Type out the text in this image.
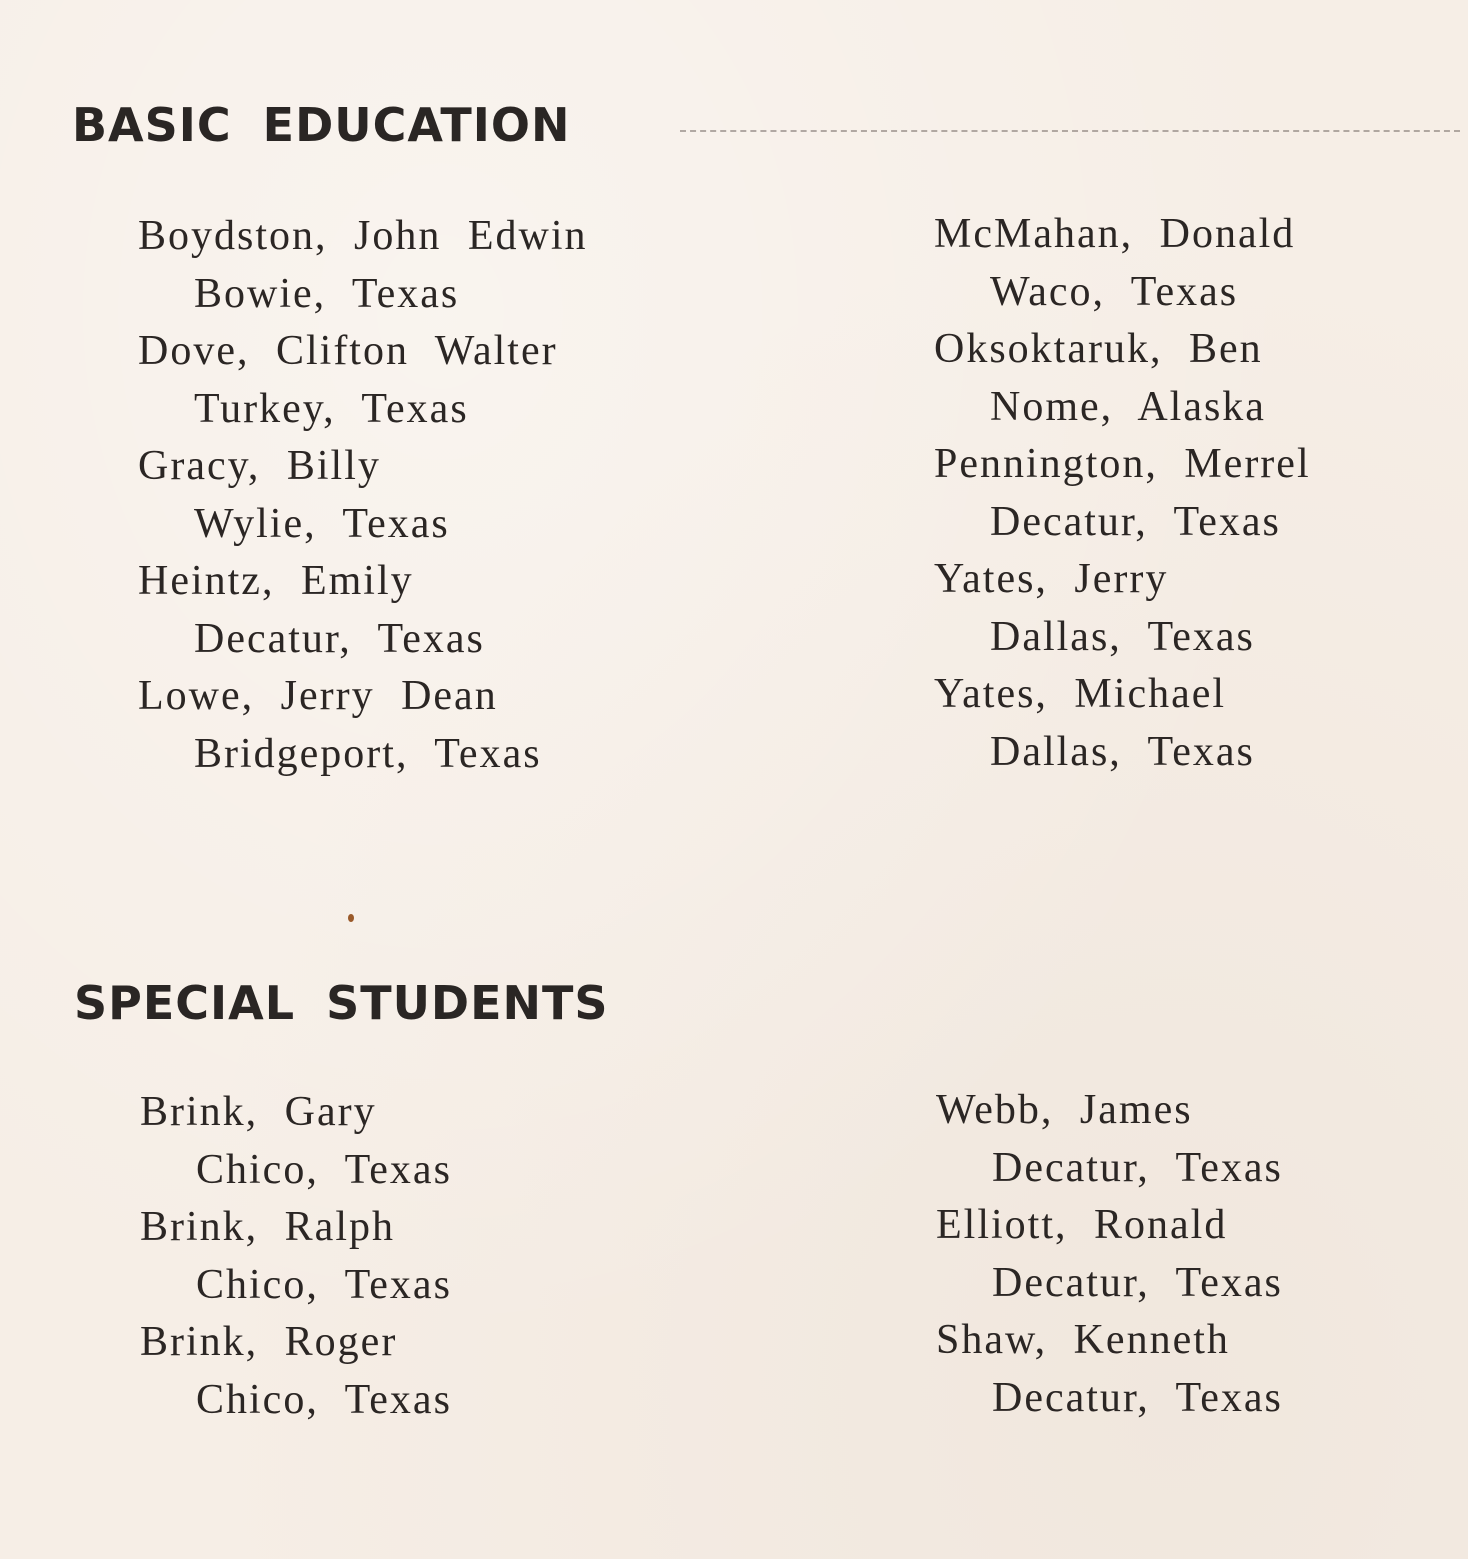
BASIC EDUCATION
Boydston, John Edwin
Bowie, Texas
Dove, Clifton Walter
Turkey, Texas
Gracy, Billy
Wylie, Texas
Heintz, Emily
Decatur, Texas
Lowe, Jerry Dean
Bridgeport, Texas
McMahan, Donald
Waco, Texas
Oksoktaruk, Ben
Nome, Alaska
Pennington, Merrel
Decatur, Texas
Yates, Jerry
Dallas, Texas
Yates, Michael
Dallas, Texas
SPECIAL STUDENTS
Brink, Gary
Chico, Texas
Brink, Ralph
Chico, Texas
Brink, Roger
Chico, Texas
Webb, James
Decatur, Texas
Elliott, Ronald
Decatur, Texas
Shaw, Kenneth
Decatur, Texas
